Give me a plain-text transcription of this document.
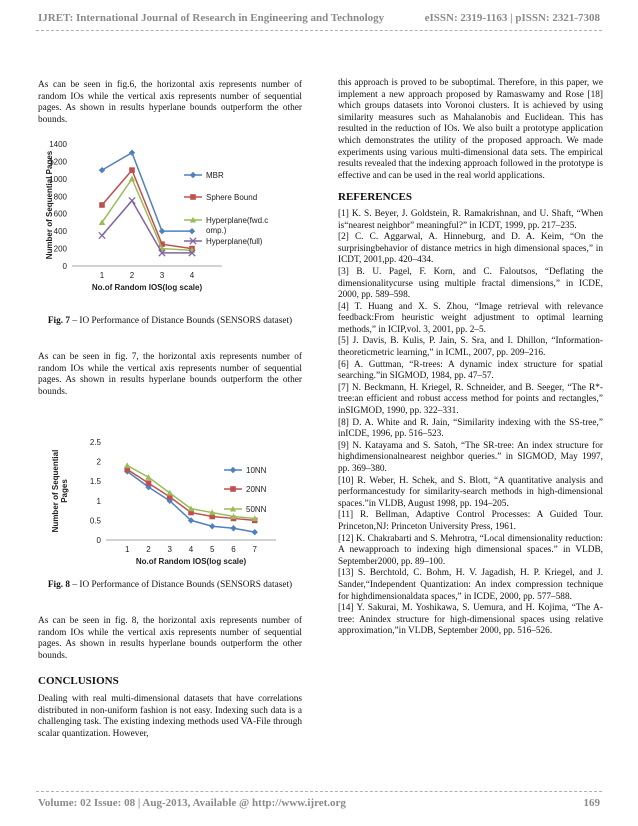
IJRET: International Journal of Research in Engineering and Technology	eISSN: 2319-1163 | pISSN: 2321-7308

As can be seen in fig.6, the horizontal axis represents number of random IOs while the vertical axis represents number of sequential pages. As shown in results hyperlane bounds outperform the other bounds.

0
200
400
600
800
1000
1200
1400
1	2	3	4
No.of Random IOS(log scale)
Number of Sequential Pages	MBR
Sphere Bound
Hyperplane(fwd.c
omp.)
Hyperplane(full)

Fig. 7 – IO Performance of Distance Bounds (SENSORS dataset)

As can be seen in fig. 7, the horizontal axis represents number of random IOs while the vertical axis represents number of sequential pages. As shown in results hyperlane bounds outperform the other bounds.

0
0.5
1
1.5
2
2.5
1 2 3 4 5 6 7
No.of Random IOS(log scale)
Number of SequentialPages
10NN
20NN
50NN

Fig. 8 – IO Performance of Distance Bounds (SENSORS dataset)

As can be seen in fig. 8, the horizontal axis represents number of random IOs while the vertical axis represents number of sequential pages. As shown in results hyperlane bounds outperform the other bounds.

CONCLUSIONS

Dealing with real multi-dimensional datasets that have correlations distributed in non-uniform fashion is not easy. Indexing such data is a challenging task. The existing indexing methods used VA-File through scalar quantization. However,

this approach is proved to be suboptimal. Therefore, in this paper, we implement a new approach proposed by Ramaswamy and Rose [18] which groups datasets into Voronoi clusters. It is achieved by using similarity measures such as Mahalanobis and Euclidean. This has resulted in the reduction of IOs. We also built a prototype application which demonstrates the utility of the proposed approach. We made experiments using various multi-dimensional data sets. The empirical results revealed that the indexing approach followed in the prototype is effective and can be used in the real world applications.

REFERENCES

[1] K. S. Beyer, J. Goldstein, R. Ramakrishnan, and U. Shaft, “When is“nearest neighbor” meaningful?” in ICDT, 1999, pp. 217–235.

[2] C. C. Aggarwal, A. Hinneburg, and D. A. Keim, “On the surprisingbehavior of distance metrics in high dimensional spaces,” in ICDT, 2001,pp. 420–434.

[3] B. U. Pagel, F. Korn, and C. Faloutsos, “Deflating the dimensionalitycurse using multiple fractal dimensions,” in ICDE, 2000, pp. 589–598.

[4] T. Huang and X. S. Zhou, “Image retrieval with relevance feedback:From heuristic weight adjustment to optimal learning methods,” in ICIP,vol. 3, 2001, pp. 2–5.

[5] J. Davis, B. Kulis, P. Jain, S. Sra, and I. Dhillon, “Information-theoreticmetric learning,” in ICML, 2007, pp. 209–216.

[6] A. Guttman, “R-trees: A dynamic index structure for spatial searching.”in SIGMOD, 1984, pp. 47–57.

[7] N. Beckmann, H. Kriegel, R. Schneider, and B. Seeger, “The R*-tree:an efficient and robust access method for points and rectangles,” inSIGMOD, 1990, pp. 322–331.

[8] D. A. White and R. Jain, “Similarity indexing with the SS-tree,” inICDE, 1996, pp. 516–523.

[9] N. Katayama and S. Satoh, “The SR-tree: An index structure for highdimensionalnearest neighbor queries.” in SIGMOD, May 1997, pp. 369–380.

[10] R. Weber, H. Schek, and S. Blott, “A quantitative analysis and performancestudy for similarity-search methods in high-dimensional spaces.”in VLDB, August 1998, pp. 194–205.

[11] R. Bellman, Adaptive Control Processes: A Guided Tour. Princeton,NJ: Princeton University Press, 1961.

[12] K. Chakrabarti and S. Mehrotra, “Local dimensionality reduction: A newapproach to indexing high dimensional spaces.” in VLDB, September2000, pp. 89–100.

[13] S. Berchtold, C. Bohm, H. V. Jagadish, H. P. Kriegel, and J. Sander,“Independent Quantization: An index compression technique for highdimensionaldata spaces,” in ICDE, 2000, pp. 577–588.

[14] Y. Sakurai, M. Yoshikawa, S. Uemura, and H. Kojima, “The A-tree: Anindex structure for high-dimensional spaces using relative approximation,”in VLDB, September 2000, pp. 516–526.

Volume: 02 Issue: 08 | Aug-2013, Available @ http://www.ijret.org	169
